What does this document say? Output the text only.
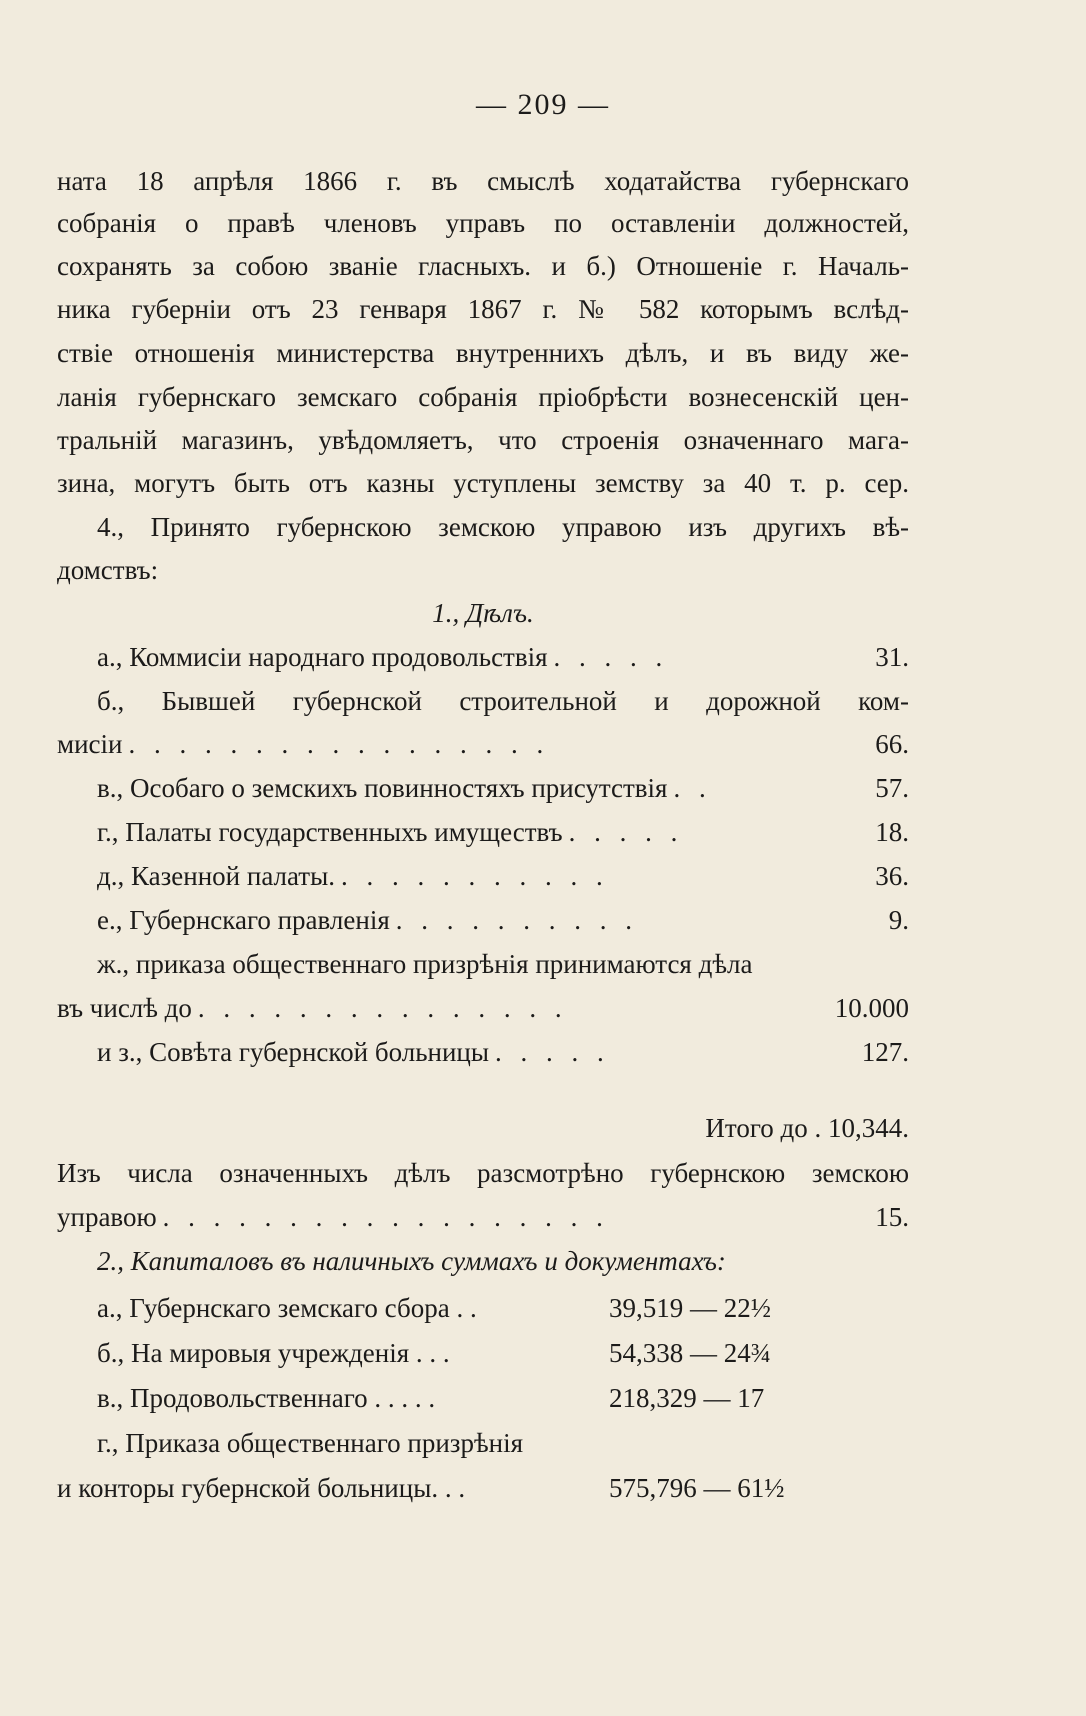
— 209 —
ната 18 апрѣля 1866 г. въ смыслѣ ходатайства губернскаго
собранія о правѣ членовъ управъ по оставленіи должностей,
сохранять за собою званіе гласныхъ. и б.) Отношеніе г. Началь-
ника губерніи отъ 23 генваря 1867 г. № 582 которымъ вслѣд-
ствіе отношенія министерства внутреннихъ дѣлъ, и въ виду же-
ланія губернскаго земскаго собранія пріобрѣсти вознесенскій цен-
тральній магазинъ, увѣдомляетъ, что строенія означеннаго мага-
зина, могутъ быть отъ казны уступлены земству за 40 т. р. сер.
4., Принято губернскою земскою управою изъ другихъ вѣ-
домствъ:
1., Дѣлъ.
а., Коммисіи народнаго продовольствія . . . . .	31.
б., Бывшей губернской строительной и дорожной ком-
мисіи . . . . . . . . . . . . . . . . .	66.
в., Особаго о земскихъ повинностяхъ присутствія . .	57.
г., Палаты государственныхъ имуществъ . . . . .	18.
д., Казенной палаты. . . . . . . . . . . .	36.
е., Губернскаго правленія . . . . . . . . . .	9.
ж., приказа общественнаго призрѣнія принимаются дѣла
въ числѣ до . . . . . . . . . . . . . . .	10.000
и з., Совѣта губернской больницы . . . . .	127.
Итого до . 10,344.
Изъ числа означенныхъ дѣлъ разсмотрѣно губернскою земскою
управою . . . . . . . . . . . . . . . . . .	15.
2., Капиталовъ въ наличныхъ суммахъ и документахъ:
а., Губернскаго земскаго сбора . .	39,519 — 22½
б., На мировыя учрежденія . . .	54,338 — 24¾
в., Продовольственнаго . . . . .	218,329 — 17
г., Приказа общественнаго призрѣнія
и конторы губернской больницы. . .	575,796 — 61½
